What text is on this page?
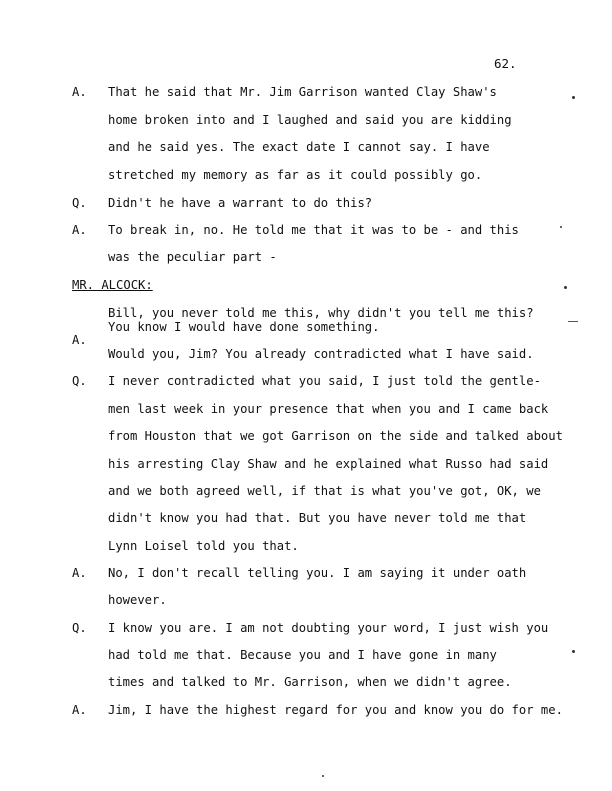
62.
A. That he said that Mr. Jim Garrison wanted Clay Shaw's
home broken into and I laughed and said you are kidding
and he said yes. The exact date I cannot say. I have
stretched my memory as far as it could possibly go.
Q. Didn't he have a warrant to do this?
A. To break in, no. He told me that it was to be - and this
was the peculiar part -
MR. ALCOCK:
Bill, you never told me this, why didn't you tell me this?
You know I would have done something.
A.
Would you, Jim? You already contradicted what I have said.
Q. I never contradicted what you said, I just told the gentle-
men last week in your presence that when you and I came back
from Houston that we got Garrison on the side and talked about
his arresting Clay Shaw and he explained what Russo had said
and we both agreed well, if that is what you've got, OK, we
didn't know you had that. But you have never told me that
Lynn Loisel told you that.
A. No, I don't recall telling you. I am saying it under oath
however.
Q. I know you are. I am not doubting your word, I just wish you
had told me that. Because you and I have gone in many
times and talked to Mr. Garrison, when we didn't agree.
A. Jim, I have the highest regard for you and know you do for me.
